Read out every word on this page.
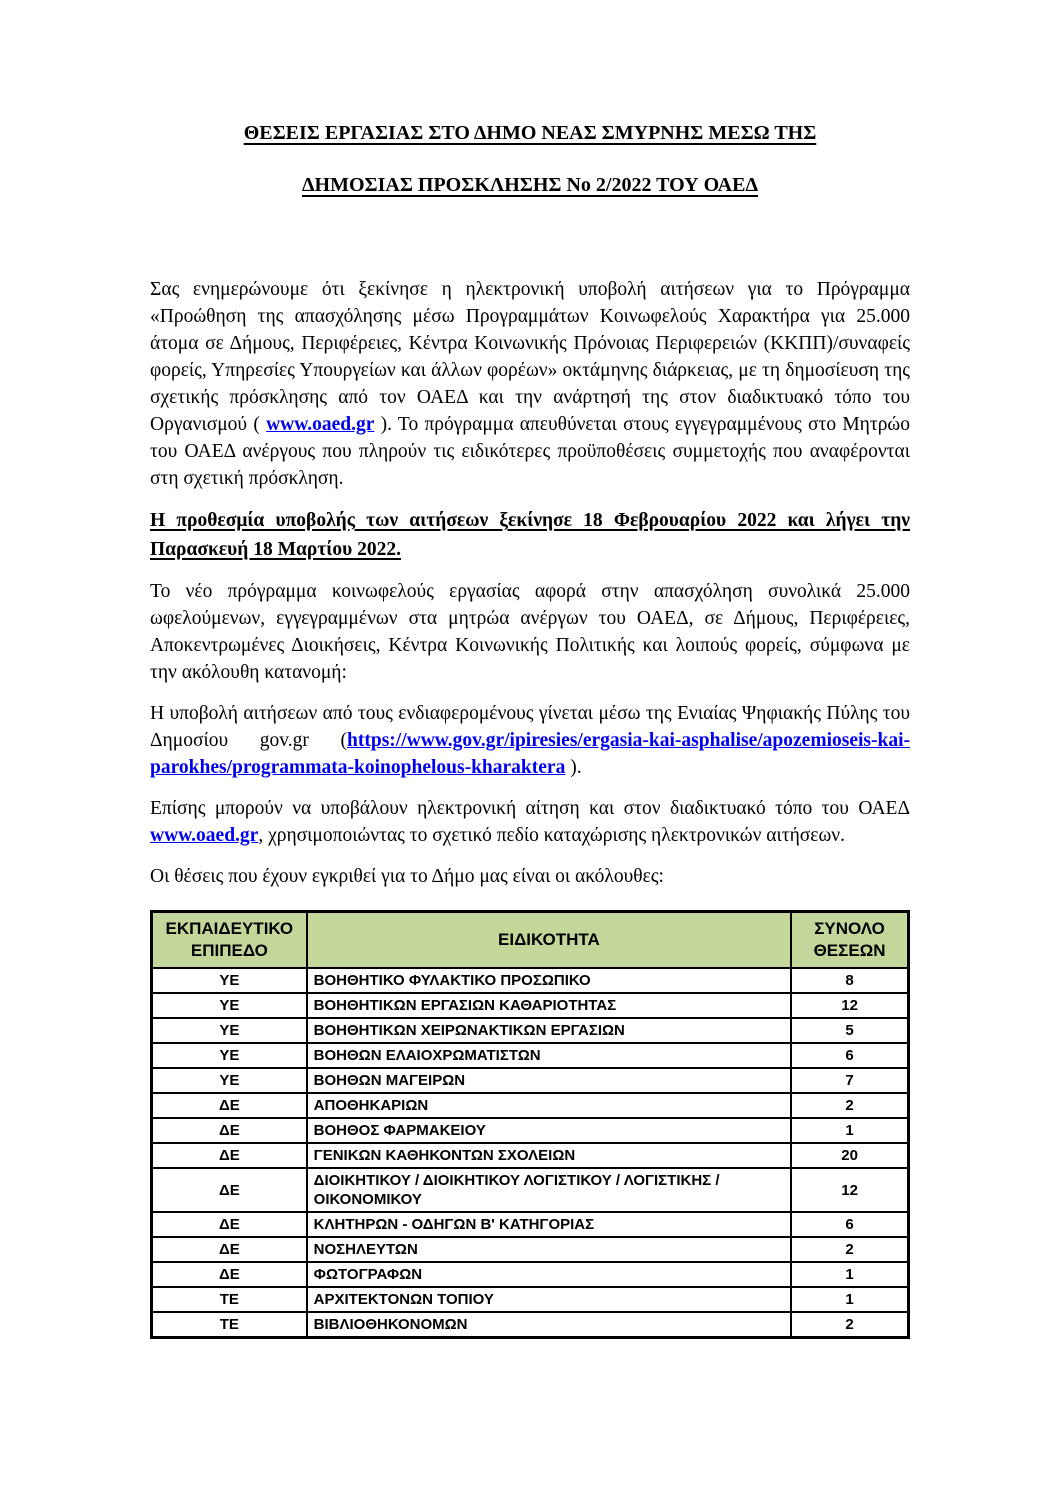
ΘΕΣΕΙΣ ΕΡΓΑΣΙΑΣ ΣΤΟ ΔΗΜΟ ΝΕΑΣ ΣΜΥΡΝΗΣ ΜΕΣΩ ΤΗΣ
ΔΗΜΟΣΙΑΣ ΠΡΟΣΚΛΗΣΗΣ Νο 2/2022 ΤΟΥ ΟΑΕΔ

Σας ενημερώνουμε ότι ξεκίνησε η ηλεκτρονική υποβολή αιτήσεων για το Πρόγραμμα «Προώθηση της απασχόλησης μέσω Προγραμμάτων Κοινωφελούς Χαρακτήρα για 25.000 άτομα σε Δήμους, Περιφέρειες, Κέντρα Κοινωνικής Πρόνοιας Περιφερειών (ΚΚΠΠ)/συναφείς φορείς, Υπηρεσίες Υπουργείων και άλλων φορέων» οκτάμηνης διάρκειας, με τη δημοσίευση της σχετικής πρόσκλησης από τον ΟΑΕΔ και την ανάρτησή της στον διαδικτυακό τόπο του Οργανισμού ( www.oaed.gr ). Το πρόγραμμα απευθύνεται στους εγγεγραμμένους στο Μητρώο του ΟΑΕΔ ανέργους που πληρούν τις ειδικότερες προϋποθέσεις συμμετοχής που αναφέρονται στη σχετική πρόσκληση.

Η προθεσμία υποβολής των αιτήσεων ξεκίνησε 18 Φεβρουαρίου 2022 και λήγει την Παρασκευή 18 Μαρτίου 2022.

Το νέο πρόγραμμα κοινωφελούς εργασίας αφορά στην απασχόληση συνολικά 25.000 ωφελούμενων, εγγεγραμμένων στα μητρώα ανέργων του ΟΑΕΔ, σε Δήμους, Περιφέρειες, Αποκεντρωμένες Διοικήσεις, Κέντρα Κοινωνικής Πολιτικής και λοιπούς φορείς, σύμφωνα με την ακόλουθη κατανομή:

Η υποβολή αιτήσεων από τους ενδιαφερομένους γίνεται μέσω της Ενιαίας Ψηφιακής Πύλης του Δημοσίου gov.gr (https://www.gov.gr/ipiresies/ergasia-kai-asphalise/apozemioseis-kai-parokhes/programmata-koinophelous-kharaktera ).

Επίσης μπορούν να υποβάλουν ηλεκτρονική αίτηση και στον διαδικτυακό τόπο του ΟΑΕΔ www.oaed.gr, χρησιμοποιώντας το σχετικό πεδίο καταχώρισης ηλεκτρονικών αιτήσεων.

Οι θέσεις που έχουν εγκριθεί για το Δήμο μας είναι οι ακόλουθες:

ΕΚΠΑΙΔΕΥΤΙΚΟ ΕΠΙΠΕΔΟ	ΕΙΔΙΚΟΤΗΤΑ	ΣΥΝΟΛΟ ΘΕΣΕΩΝ
ΥΕ	ΒΟΗΘΗΤΙΚΟ ΦΥΛΑΚΤΙΚΟ ΠΡΟΣΩΠΙΚΟ	8
ΥΕ	ΒΟΗΘΗΤΙΚΩΝ ΕΡΓΑΣΙΩΝ ΚΑΘΑΡΙΟΤΗΤΑΣ	12
ΥΕ	ΒΟΗΘΗΤΙΚΩΝ ΧΕΙΡΩΝΑΚΤΙΚΩΝ ΕΡΓΑΣΙΩΝ	5
ΥΕ	ΒΟΗΘΩΝ ΕΛΑΙΟΧΡΩΜΑΤΙΣΤΩΝ	6
ΥΕ	ΒΟΗΘΩΝ ΜΑΓΕΙΡΩΝ	7
ΔΕ	ΑΠΟΘΗΚΑΡΙΩΝ	2
ΔΕ	ΒΟΗΘΟΣ ΦΑΡΜΑΚΕΙΟΥ	1
ΔΕ	ΓΕΝΙΚΩΝ ΚΑΘΗΚΟΝΤΩΝ ΣΧΟΛΕΙΩΝ	20
ΔΕ	ΔΙΟΙΚΗΤΙΚΟΥ / ΔΙΟΙΚΗΤΙΚΟΥ ΛΟΓΙΣΤΙΚΟΥ / ΛΟΓΙΣΤΙΚΗΣ / ΟΙΚΟΝΟΜΙΚΟΥ	12
ΔΕ	ΚΛΗΤΗΡΩΝ - ΟΔΗΓΩΝ Β' ΚΑΤΗΓΟΡΙΑΣ	6
ΔΕ	ΝΟΣΗΛΕΥΤΩΝ	2
ΔΕ	ΦΩΤΟΓΡΑΦΩΝ	1
ΤΕ	ΑΡΧΙΤΕΚΤΟΝΩΝ ΤΟΠΙΟΥ	1
ΤΕ	ΒΙΒΛΙΟΘΗΚΟΝΟΜΩΝ	2
